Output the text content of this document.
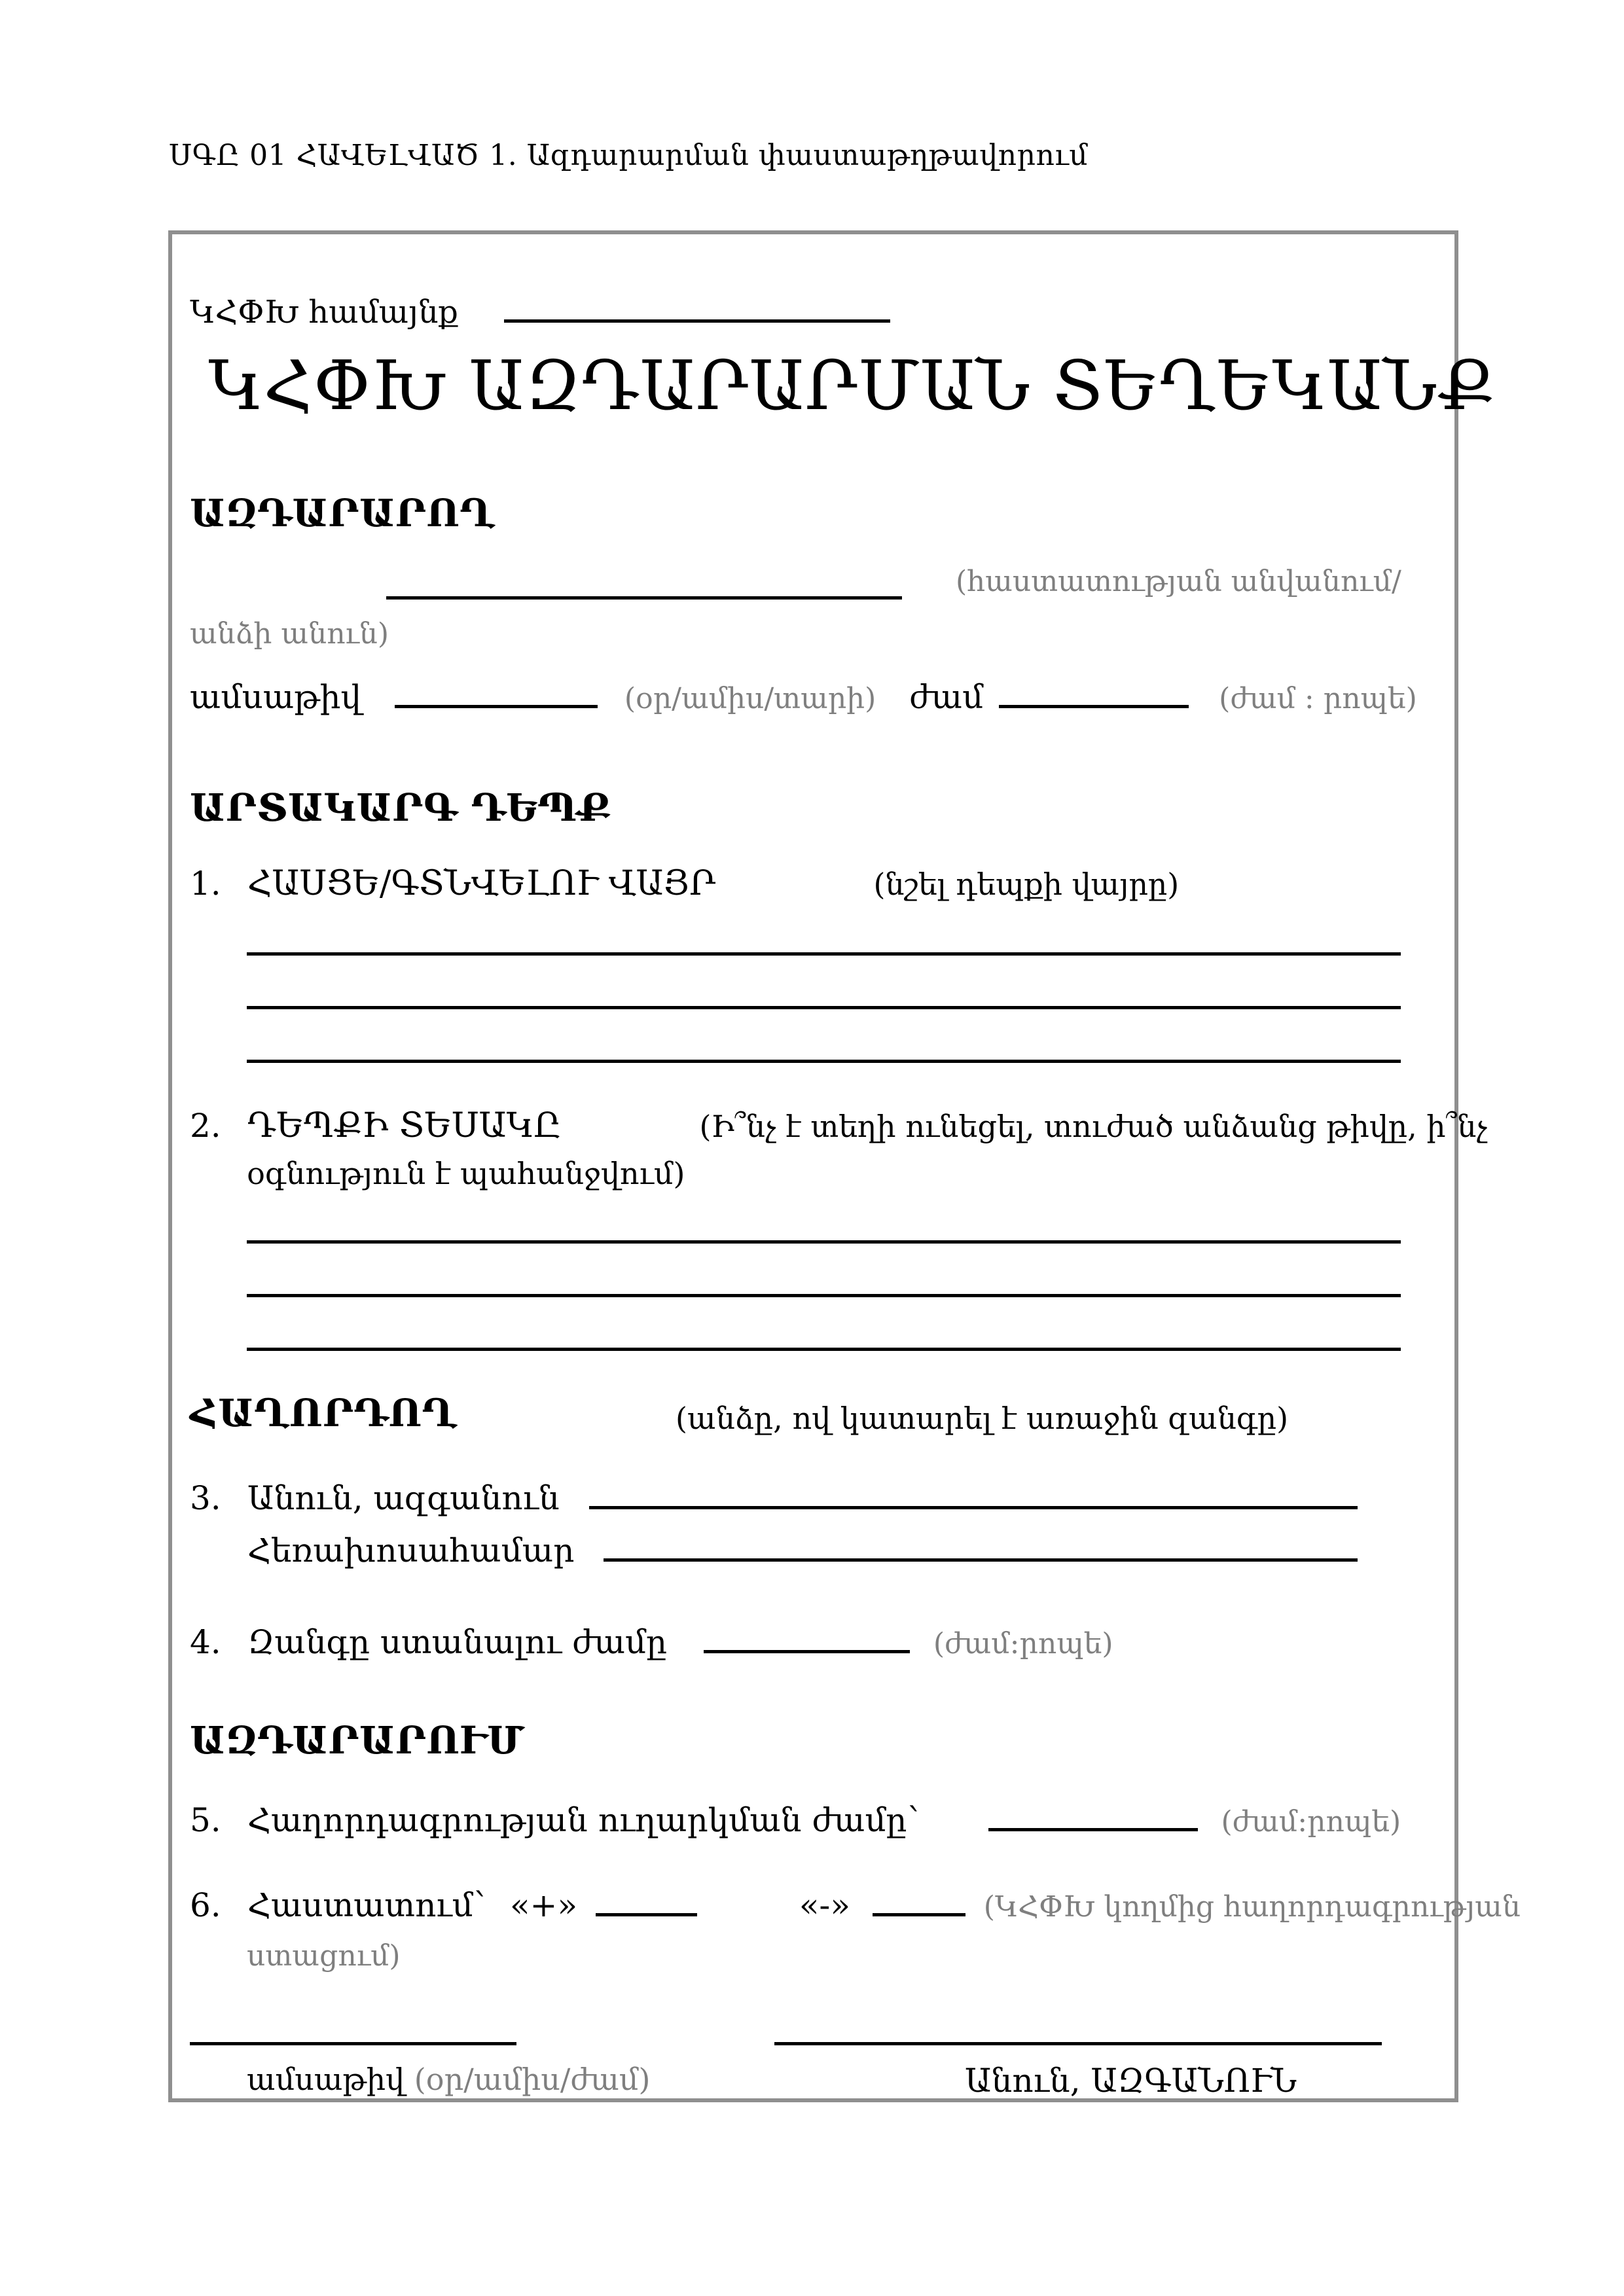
ՍԳԸ 01 ՀԱՎԵԼՎԱԾ 1. Ազդարարման փաստաթղթավորում
ԿՀՓԽ համայնք
ԿՀՓԽ ԱԶԴԱՐԱՐՄԱՆ ՏԵՂԵԿԱՆՔ
ԱԶԴԱՐԱՐՈՂ
(հաստատության անվանում/
անձի անուն)
ամսաթիվ	(օր/ամիս/տարի) ժամ	(ժամ : րոպե)
ԱՐՏԱԿԱՐԳ ԴԵՊՔ
1. ՀԱՍՑԵ/ԳՏՆՎԵԼՈՒ ՎԱՅՐ	(նշել դեպքի վայրը)
2. ԴԵՊՔԻ ՏԵՍԱԿԸ	(Ի՞նչ է տեղի ունեցել, տուժած անձանց թիվը, ի՞նչ
օգնություն է պահանջվում)
ՀԱՂՈՐԴՈՂ	(անձը, ով կատարել է առաջին զանգը)
3. Անուն, ազգանուն
Հեռախոսահամար
4. Զանգը ստանալու ժամը	(ժամ:րոպե)
ԱԶԴԱՐԱՐՈՒՄ
5. Հաղորդագրության ուղարկման ժամը՝	(ժամ:րոպե)
6. Հաստատում՝ «+»	«-»	(ԿՀՓԽ կողմից հաղորդագրության
ստացում)
ամսաթիվ (օր/ամիս/ժամ)	Անուն, ԱԶԳԱՆՈՒՆ
